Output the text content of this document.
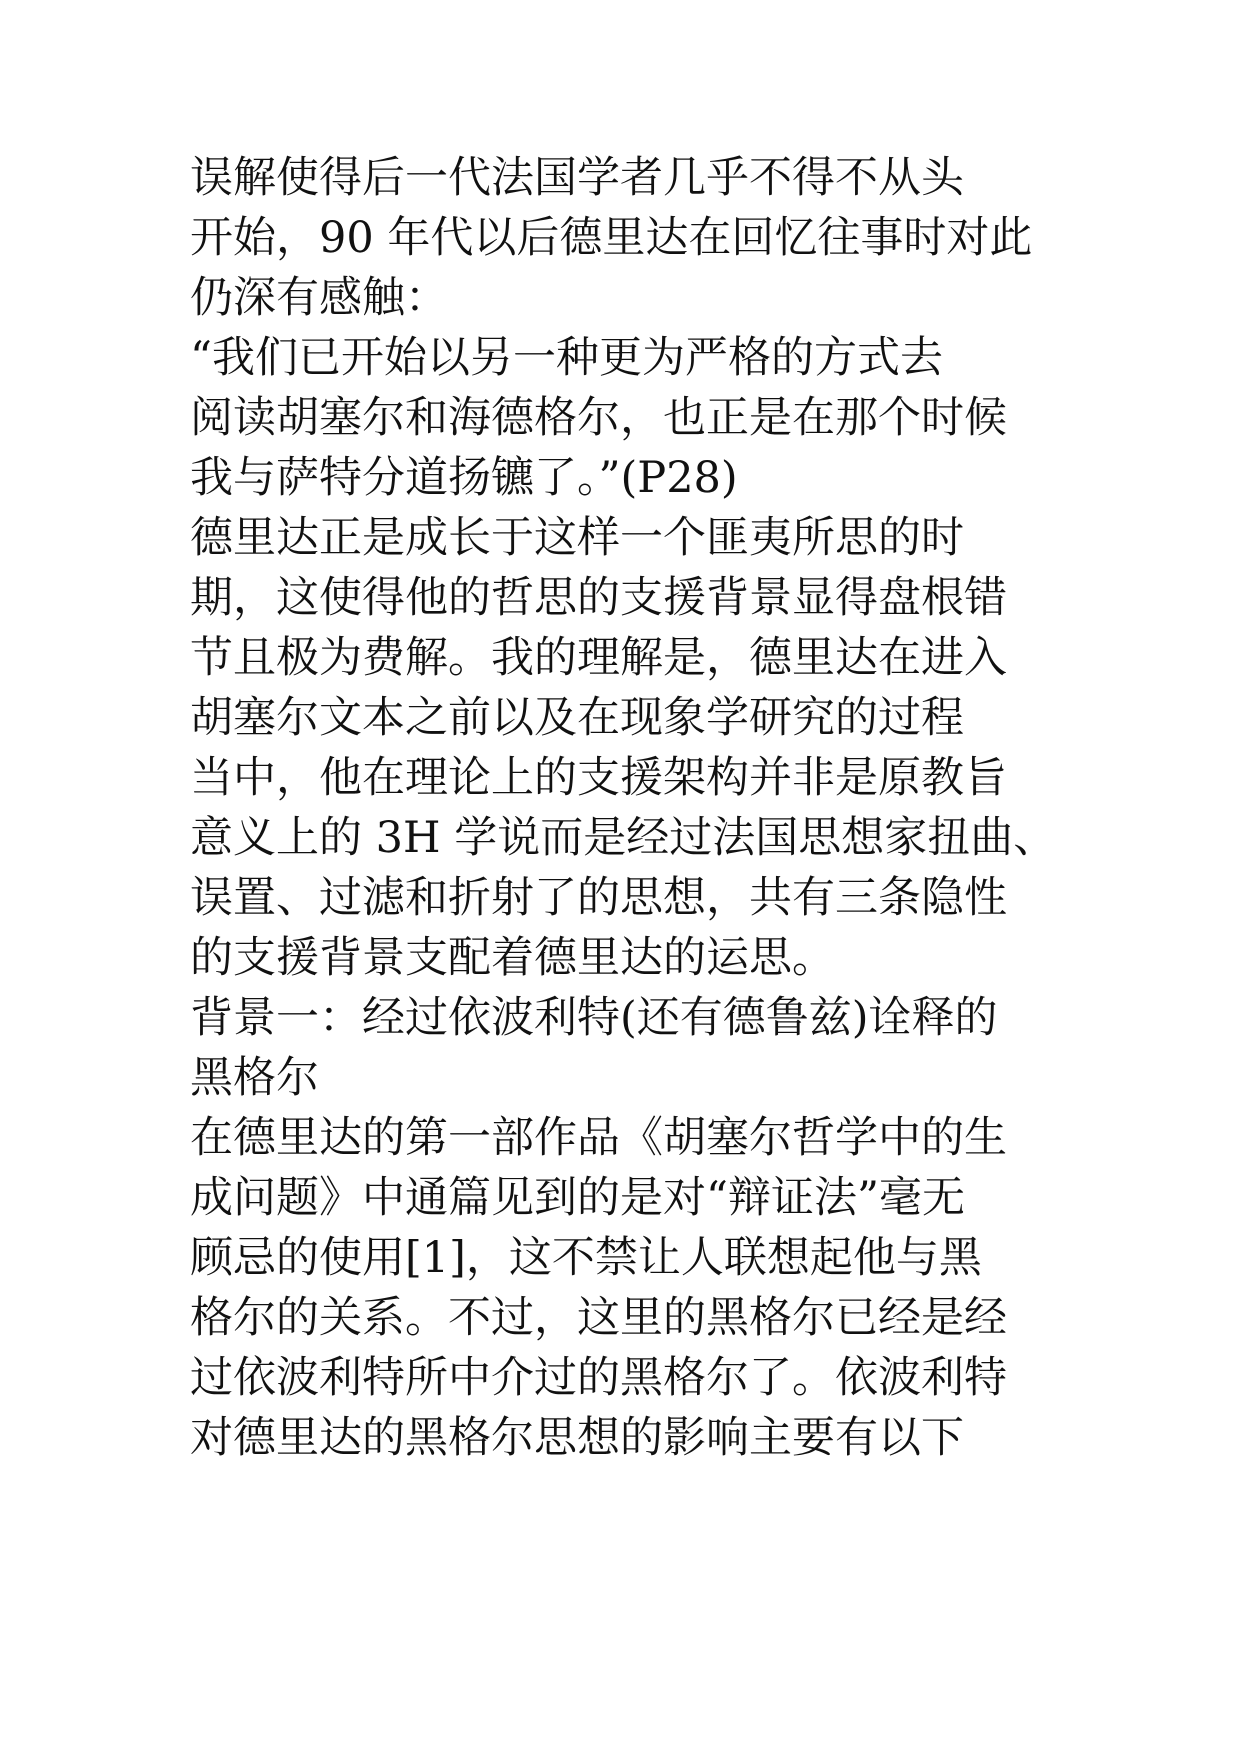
误解使得后一代法国学者几乎不得不从头
开始，90 年代以后德里达在回忆往事时对此
仍深有感触：
“我们已开始以另一种更为严格的方式去
阅读胡塞尔和海德格尔，也正是在那个时候
我与萨特分道扬镳了。”(P28)
德里达正是成长于这样一个匪夷所思的时
期，这使得他的哲思的支援背景显得盘根错
节且极为费解。我的理解是，德里达在进入
胡塞尔文本之前以及在现象学研究的过程
当中，他在理论上的支援架构并非是原教旨
意义上的 3H 学说而是经过法国思想家扭曲、
误置、过滤和折射了的思想，共有三条隐性
的支援背景支配着德里达的运思。
背景一：经过依波利特(还有德鲁兹)诠释的
黑格尔
在德里达的第一部作品《胡塞尔哲学中的生
成问题》中通篇见到的是对“辩证法”毫无
顾忌的使用[1]，这不禁让人联想起他与黑
格尔的关系。不过，这里的黑格尔已经是经
过依波利特所中介过的黑格尔了。依波利特
对德里达的黑格尔思想的影响主要有以下
